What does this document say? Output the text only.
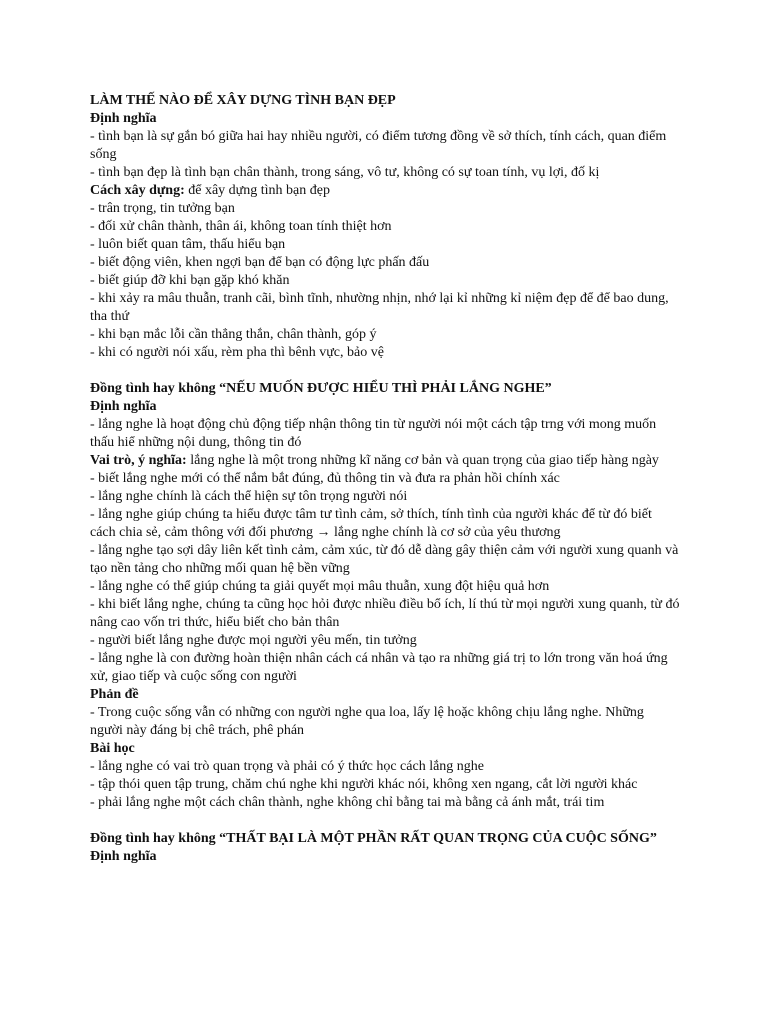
LÀM THẾ NÀO ĐỂ XÂY DỰNG TÌNH BẠN ĐẸP

Định nghĩa

- tình bạn là sự gắn bó giữa hai hay nhiều người, có điểm tương đồng về sở thích, tính cách, quan điểm sống

- tình bạn đẹp là tình bạn chân thành, trong sáng, vô tư, không có sự toan tính, vụ lợi, đố kị

Cách xây dựng: để xây dựng tình bạn đẹp

- trân trọng, tin tưởng bạn

- đối xử chân thành, thân ái, không toan tính thiệt hơn

- luôn biết quan tâm, thấu hiểu bạn

- biết động viên, khen ngợi bạn để bạn có động lực phấn đấu

- biết giúp đỡ khi bạn gặp khó khăn

- khi xảy ra mâu thuẫn, tranh cãi, bình tĩnh, nhường nhịn, nhớ lại kỉ những kỉ niệm đẹp để để bao dung, tha thứ

- khi bạn mắc lỗi cần thẳng thắn, chân thành, góp ý

- khi có người nói xấu, rèm pha thì bênh vực, bảo vệ

Đồng tình hay không “NẾU MUỐN ĐƯỢC HIỂU THÌ PHẢI LẮNG NGHE”

Định nghĩa

- lắng nghe là hoạt động chủ động tiếp nhận thông tin từ người nói một cách tập trng với mong muốn thấu hiể những nội dung, thông tin đó

Vai trò, ý nghĩa: lắng nghe là một trong những kĩ năng cơ bản và quan trọng của giao tiếp hàng ngày

- biết lắng nghe mới có thể nắm bắt đúng, đủ thông tin và đưa ra phản hồi chính xác

- lắng nghe chính là cách thể hiện sự tôn trọng người nói

- lắng nghe giúp chúng ta hiểu được tâm tư tình cảm, sở thích, tính tình của người khác để từ đó biết cách chia sẻ, cảm thông với đối phương → lắng nghe chính là cơ sở của yêu thương

- lắng nghe tạo sợi dây liên kết tình cảm, cảm xúc, từ đó dễ dàng gây thiện cảm với người xung quanh và tạo nền tảng cho những mối quan hệ bền vững

- lắng nghe có thể giúp chúng ta giải quyết mọi mâu thuẫn, xung đột hiệu quả hơn

- khi biết lắng nghe, chúng ta cũng học hỏi được nhiều điều bổ ích, lí thú từ mọi người xung quanh, từ đó nâng cao vốn tri thức, hiểu biết cho bản thân

- người biết lắng nghe được mọi người yêu mến, tin tưởng

- lắng nghe là con đường hoàn thiện nhân cách cá nhân và tạo ra những giá trị to lớn trong văn hoá ứng xử, giao tiếp và cuộc sống con người

Phản đề

- Trong cuộc sống vẫn có những con người nghe qua loa, lấy lệ hoặc không chịu lắng nghe. Những người này đáng bị chê trách, phê phán

Bài học

- lắng nghe có vai trò quan trọng và phải có ý thức học cách lắng nghe

- tập thói quen tập trung, chăm chú nghe khi người khác nói, không xen ngang, cắt lời người khác

- phải lắng nghe một cách chân thành, nghe không chỉ bằng tai mà bằng cả ánh mắt, trái tim

Đồng tình hay không “THẤT BẠI LÀ MỘT PHẦN RẤT QUAN TRỌNG CỦA CUỘC SỐNG”

Định nghĩa
